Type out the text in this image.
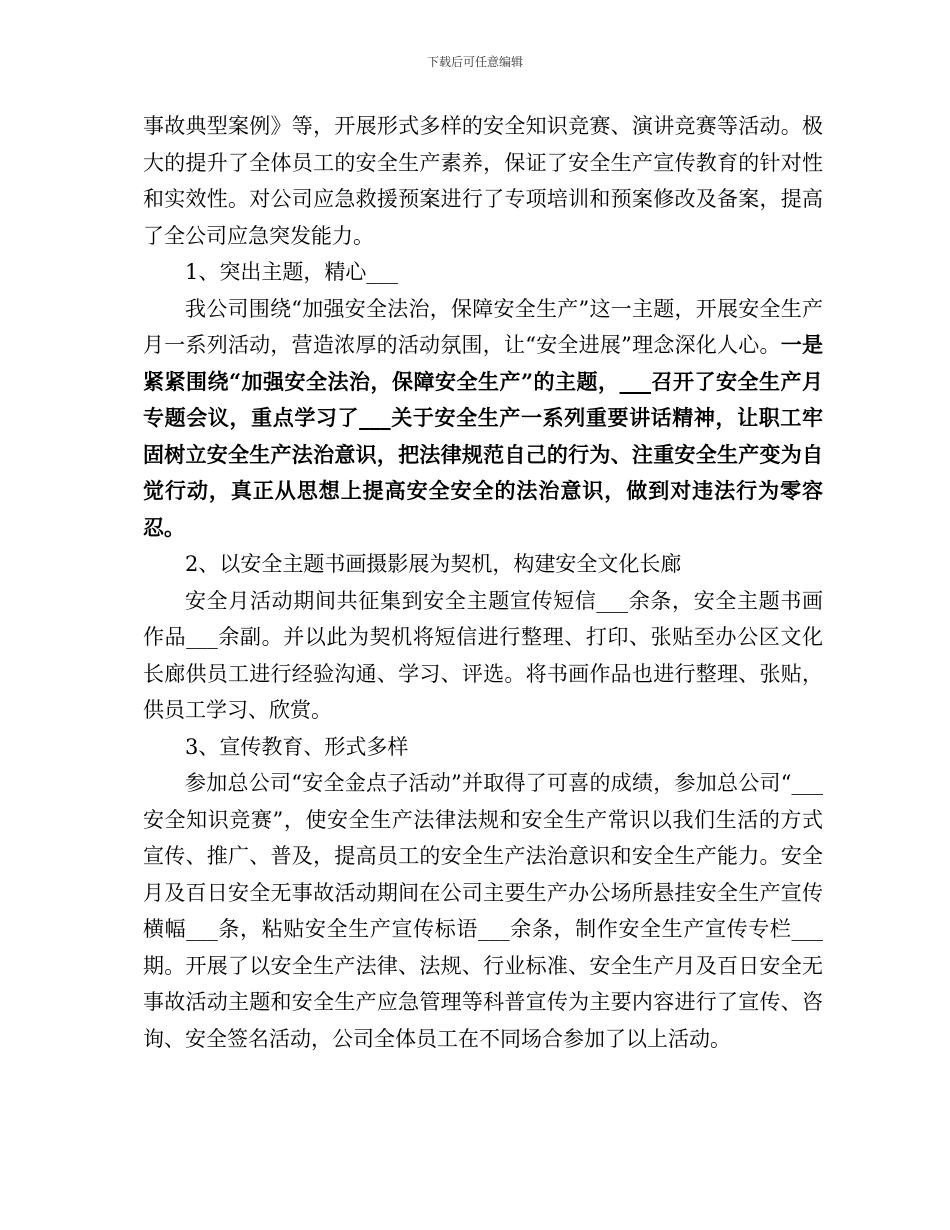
下载后可任意编辑

事故典型案例》等，开展形式多样的安全知识竞赛、演讲竞赛等活动。极大的提升了全体员工的安全生产素养，保证了安全生产宣传教育的针对性和实效性。对公司应急救援预案进行了专项培训和预案修改及备案，提高了全公司应急突发能力。

1、突出主题，精心___

我公司围绕“加强安全法治，保障安全生产”这一主题，开展安全生产月一系列活动，营造浓厚的活动氛围，让“安全进展”理念深化人心。一是紧紧围绕“加强安全法治，保障安全生产”的主题，___召开了安全生产月专题会议，重点学习了___关于安全生产一系列重要讲话精神，让职工牢固树立安全生产法治意识，把法律规范自己的行为、注重安全生产变为自觉行动，真正从思想上提高安全安全的法治意识，做到对违法行为零容忍。

2、以安全主题书画摄影展为契机，构建安全文化长廊

安全月活动期间共征集到安全主题宣传短信___余条，安全主题书画作品___余副。并以此为契机将短信进行整理、打印、张贴至办公区文化长廊供员工进行经验沟通、学习、评选。将书画作品也进行整理、张贴，供员工学习、欣赏。

3、宣传教育、形式多样

参加总公司“安全金点子活动”并取得了可喜的成绩，参加总公司“___安全知识竞赛”，使安全生产法律法规和安全生产常识以我们生活的方式宣传、推广、普及，提高员工的安全生产法治意识和安全生产能力。安全月及百日安全无事故活动期间在公司主要生产办公场所悬挂安全生产宣传横幅___条，粘贴安全生产宣传标语___余条，制作安全生产宣传专栏___期。开展了以安全生产法律、法规、行业标准、安全生产月及百日安全无事故活动主题和安全生产应急管理等科普宣传为主要内容进行了宣传、咨询、安全签名活动，公司全体员工在不同场合参加了以上活动。
